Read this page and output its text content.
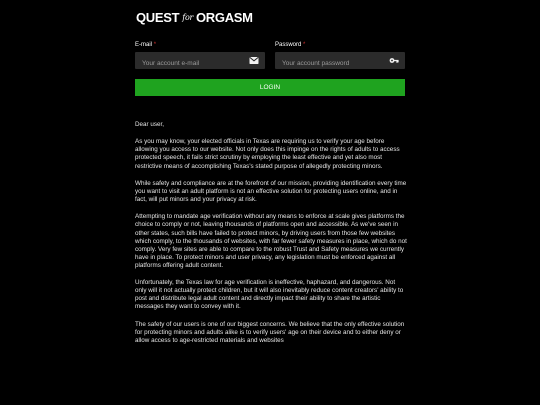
QUEST for ORGASM
E-mail *
Your account e-mail	Password *
LOGIN

Dear user,

As you may know, your elected officials in Texas are requiring us to verify your age before allowing you access to our website. Not only does this impinge on the rights of adults to access protected speech, it fails strict scrutiny by employing the least effective and yet also most restrictive means of accomplishing Texas's stated purpose of allegedly protecting minors.

While safety and compliance are at the forefront of our mission, providing identification every time you want to visit an adult platform is not an effective solution for protecting users online, and in fact, will put minors and your privacy at risk.

Attempting to mandate age verification without any means to enforce at scale gives platforms the choice to comply or not, leaving thousands of platforms open and accessible. As we've seen in other states, such bills have failed to protect minors, by driving users from those few websites which comply, to the thousands of websites, with far fewer safety measures in place, which do not comply. Very few sites are able to compare to the robust Trust and Safety measures we currently have in place. To protect minors and user privacy, any legislation must be enforced against all platforms offering adult content.

Unfortunately, the Texas law for age verification is ineffective, haphazard, and dangerous. Not only will it not actually protect children, but it will also inevitably reduce content creators' ability to post and distribute legal adult content and directly impact their ability to share the artistic messages they want to convey with it.

The safety of our users is one of our biggest concerns. We believe that the only effective solution for protecting minors and adults alike is to verify users' age on their device and to either deny or allow access to age-restricted materials and websites
